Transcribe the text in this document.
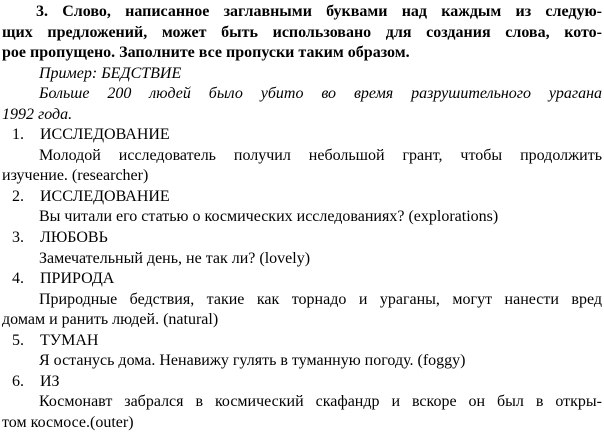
3. Слово, написанное заглавными буквами над каждым из следую-
щих предложений, может быть использовано для создания слова, кото-
рое пропущено. Заполните все пропуски таким образом.
Пример: БЕДСТВИЕ
Больше 200 людей было убито во время разрушительного урагана
1992 года.
1. ИССЛЕДОВАНИЕ
Молодой исследователь получил небольшой грант, чтобы продолжить
изучение. (researcher)
2. ИССЛЕДОВАНИЕ
Вы читали его статью о космических исследованиях? (explorations)
3. ЛЮБОВЬ
Замечательный день, не так ли? (lovely)
4. ПРИРОДА
Природные бедствия, такие как торнадо и ураганы, могут нанести вред
домам и ранить людей. (natural)
5. ТУМАН
Я останусь дома. Ненавижу гулять в туманную погоду. (foggy)
6. ИЗ
Космонавт забрался в космический скафандр и вскоре он был в откры-
том космосе.(outer)
